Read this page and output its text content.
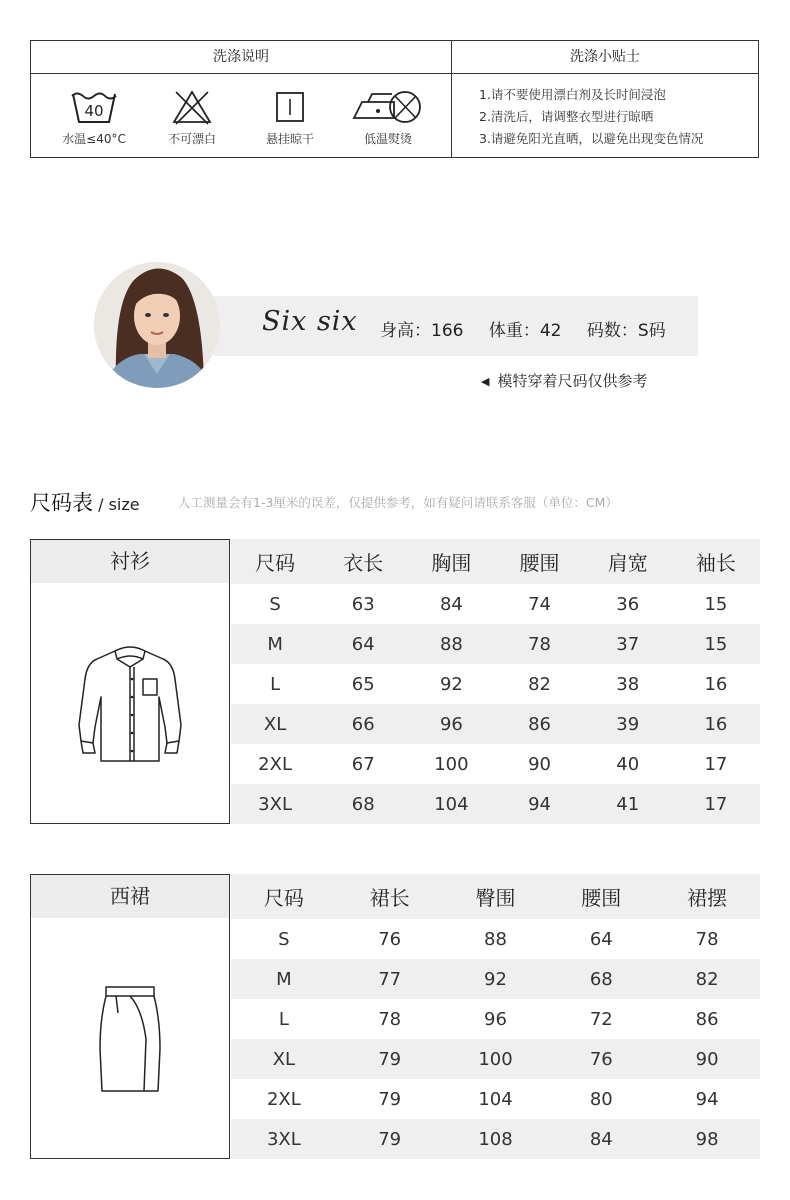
洗涤说明
40
水温≤40°C	不可漂白	悬挂晾干	低温熨烫
洗涤小贴士
1.请不要使用漂白剂及长时间浸泡
2.清洗后，请调整衣型进行晾晒
3.请避免阳光直晒，以避免出现变色情况
Six six 身高：166 体重：42 码数：S码
◀ 模特穿着尺码仅供参考
尺码表 / size	人工测量会有1-3厘米的误差，仅提供参考，如有疑问请联系客服（单位：CM）
衬衫	尺码	衣长	胸围	腰围	肩宽	袖长
S	63	84	74	36	15
M	64	88	78	37	15
L	65	92	82	38	16
XL	66	96	86	39	16
2XL	67	100	90	40	17
3XL	68	104	94	41	17
西裙	尺码	裙长	臀围	腰围	裙摆
S	76	88	64	78
M	77	92	68	82
L	78	96	72	86
XL	79	100	76	90
2XL	79	104	80	94
3XL	79	108	84	98
